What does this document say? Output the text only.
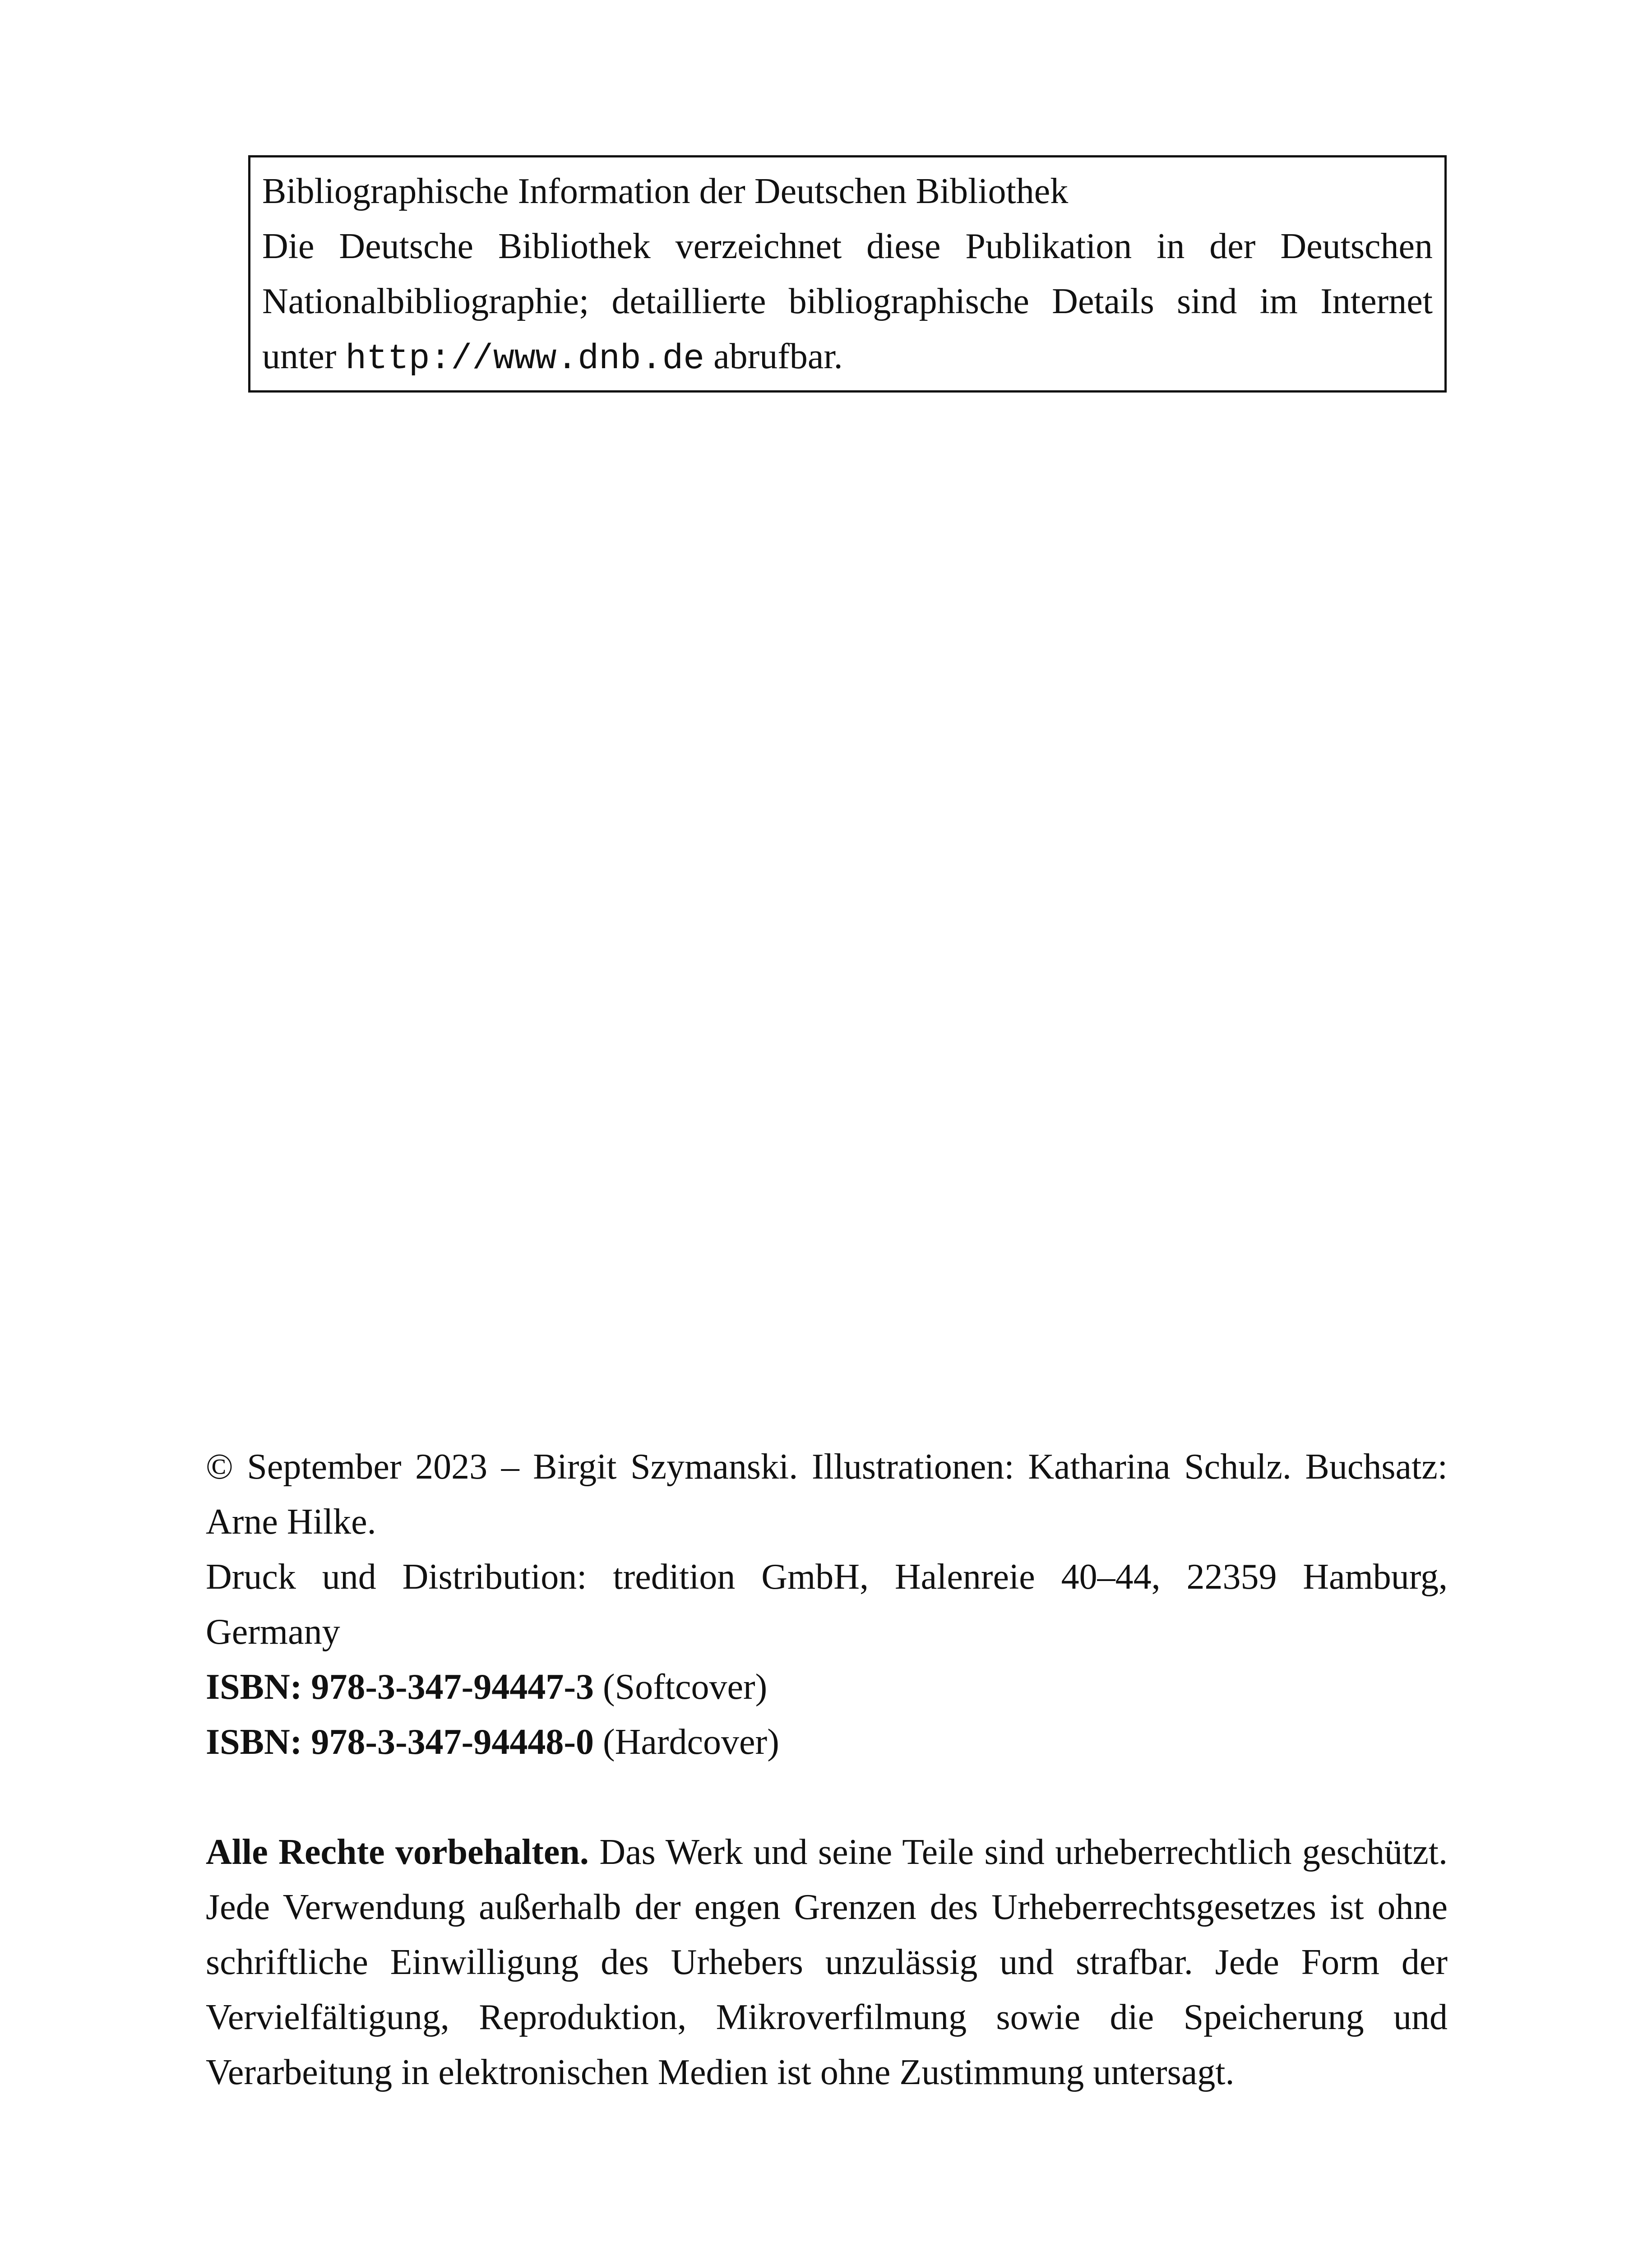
Bibliographische Information der Deutschen Bibliothek
Die Deutsche Bibliothek verzeichnet diese Publikation in der Deutschen Nationalbibliographie; detaillierte bibliographische Details sind im Internet unter http://www.dnb.de abrufbar.

© September 2023 – Birgit Szymanski. Illustrationen: Katharina Schulz. Buchsatz: Arne Hilke.

Druck und Distribution: tredition GmbH, Halenreie 40–44, 22359 Hamburg, Germany

ISBN: 978-3-347-94447-3 (Softcover)

ISBN: 978-3-347-94448-0 (Hardcover)

Alle Rechte vorbehalten. Das Werk und seine Teile sind urheberrechtlich geschützt. Jede Verwendung außerhalb der engen Grenzen des Urheberrechtsgesetzes ist ohne schriftliche Einwilligung des Urhebers unzulässig und strafbar. Jede Form der Vervielfältigung, Reproduktion, Mikroverfilmung sowie die Speicherung und Verarbeitung in elektronischen Medien ist ohne Zustimmung untersagt.
